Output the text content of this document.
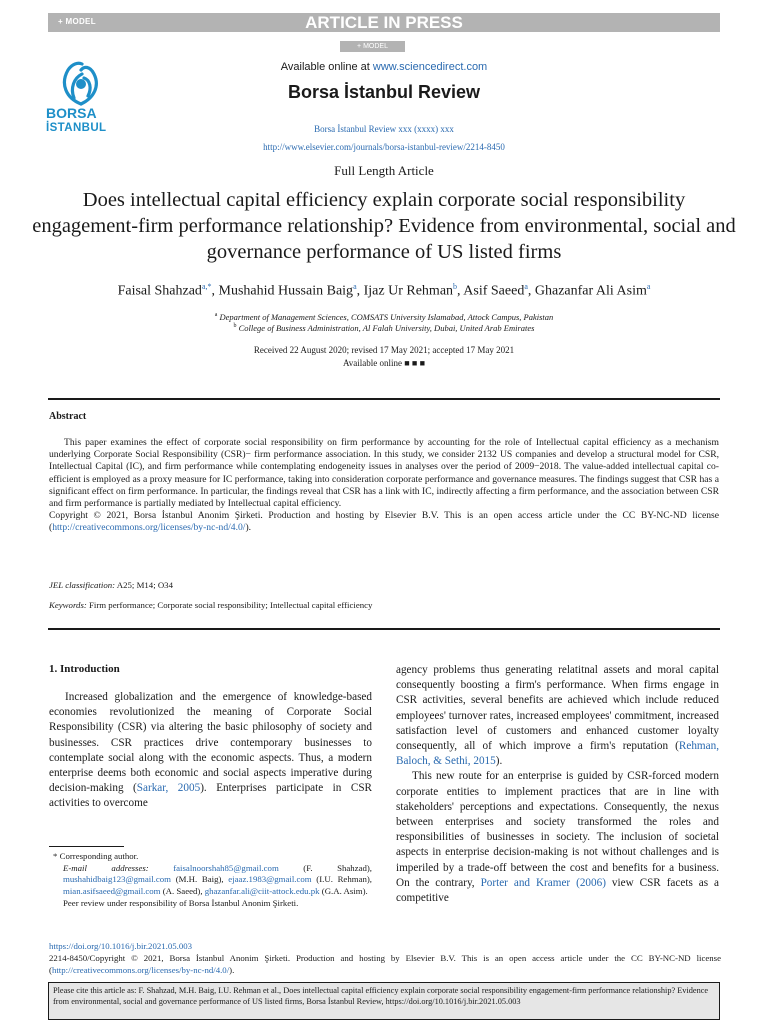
+ MODEL	ARTICLE IN PRESS
+ MODEL
BORSA
İSTANBUL
Available online at www.sciencedirect.com
Borsa İstanbul Review
Borsa İstanbul Review xxx (xxxx) xxx
http://www.elsevier.com/journals/borsa-istanbul-review/2214-8450
Full Length Article
Does intellectual capital efficiency explain corporate social responsibility engagement-firm performance relationship? Evidence from environmental, social and governance performance of US listed firms
Faisal Shahzad$^{a,*}$, Mushahid Hussain Baig$^a$, Ijaz Ur Rehman$^b$, Asif Saeed$^a$, Ghazanfar Ali Asim$^a$
$^a$ Department of Management Sciences, COMSATS University Islamabad, Attock Campus, Pakistan
$^b$ College of Business Administration, Al Falah University, Dubai, United Arab Emirates
Received 22 August 2020; revised 17 May 2021; accepted 17 May 2021
Available online ■ ■ ■
Abstract

This paper examines the effect of corporate social responsibility on firm performance by accounting for the role of Intellectual capital efficiency as a mechanism underlying Corporate Social Responsibility (CSR)− firm performance association. In this study, we consider 2132 US companies and develop a structural model for CSR, Intellectual Capital (IC), and firm performance while contemplating endogeneity issues in analyses over the period of 2009−2018. The value-added intellectual capital co-efficient is employed as a proxy measure for IC performance, taking into consideration corporate performance and governance measures. The findings suggest that CSR has a significant effect on firm performance. In particular, the findings reveal that CSR has a link with IC, indirectly affecting a firm performance, and the association between CSR and firm performance is partially mediated by Intellectual capital efficiency.

Copyright © 2021, Borsa İstanbul Anonim Şirketi. Production and hosting by Elsevier B.V. This is an open access article under the CC BY-NC-ND license (http://creativecommons.org/licenses/by-nc-nd/4.0/).

JEL classification: A25; M14; O34
Keywords: Firm performance; Corporate social responsibility; Intellectual capital efficiency
1. Introduction

Increased globalization and the emergence of knowledge-based economies revolutionized the meaning of Corporate Social Responsibility (CSR) via altering the basic philosophy of society and businesses. CSR practices drive contemporary businesses to contemplate social along with the economic aspects. Thus, a modern enterprise deems both economic and social aspects imperative during decision-making (Sarkar, 2005). Enterprises participate in CSR activities to overcome

agency problems thus generating relatitnal assets and moral capital consequently boosting a firm's performance. When firms engage in CSR activities, several benefits are achieved which include reduced employees' turnover rates, increased employees' commitment, increased satisfaction level of customers and enhanced customer loyalty consequently, all of which improve a firm's reputation (Rehman, Baloch, & Sethi, 2015).

This new route for an enterprise is guided by CSR-forced modern corporate entities to implement practices that are in line with stakeholders' perceptions and expectations. Consequently, the nexus between enterprises and society transformed the roles and responsibilities of businesses in society. The inclusion of societal aspects in enterprise decision-making is not without challenges and is imperiled by a trade-off between the cost and benefits for a business. On the contrary, Porter and Kramer (2006) view CSR facets as a competitive

* Corresponding author.

E-mail addresses:	faisalnoorshah85@gmail.com (F. Shahzad), mushahidbaig123@gmail.com (M.H. Baig), ejaaz.1983@gmail.com (I.U. Rehman), mian.asifsaeed@gmail.com (A. Saeed), ghazanfar.ali@ciit-attock.edu.pk (G.A. Asim).

Peer review under responsibility of Borsa İstanbul Anonim Şirketi.

https://doi.org/10.1016/j.bir.2021.05.003
2214-8450/Copyright © 2021, Borsa İstanbul Anonim Şirketi. Production and hosting by Elsevier B.V. This is an open access article under the CC BY-NC-ND license (http://creativecommons.org/licenses/by-nc-nd/4.0/).
Please cite this article as: F. Shahzad, M.H. Baig, I.U. Rehman et al., Does intellectual capital efficiency explain corporate social responsibility engagement-firm performance relationship? Evidence from environmental, social and governance performance of US listed firms, Borsa İstanbul Review, https://doi.org/10.1016/j.bir.2021.05.003
